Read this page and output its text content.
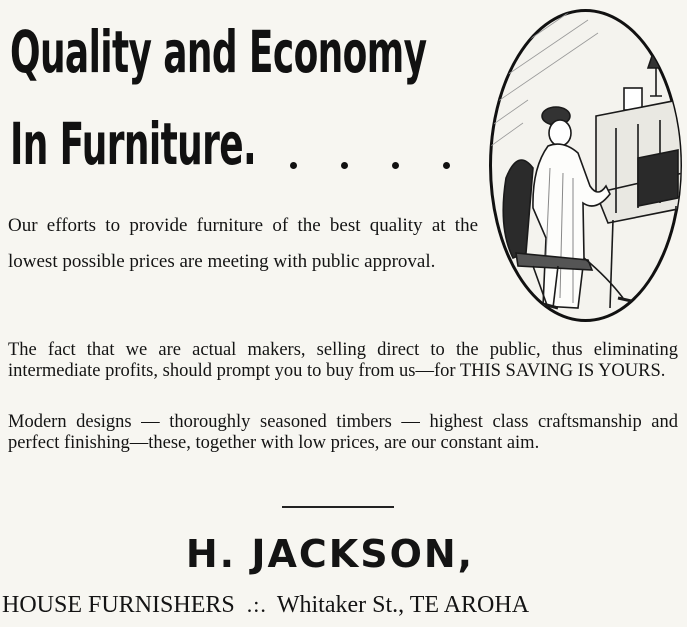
Quality and Economy
In Furniture.
Our efforts to provide furniture of the best quality at the lowest possible prices are meeting with public approval.
The fact that we are actual makers, selling direct to the public, thus eliminating intermediate profits, should prompt you to buy from us—for THIS SAVING IS YOURS.
Modern designs — thoroughly seasoned timbers — highest class craftsmanship and perfect finishing—these, together with low prices, are our constant aim.
H. JACKSON,
HOUSE FURNISHERS .:. Whitaker St., TE AROHA
